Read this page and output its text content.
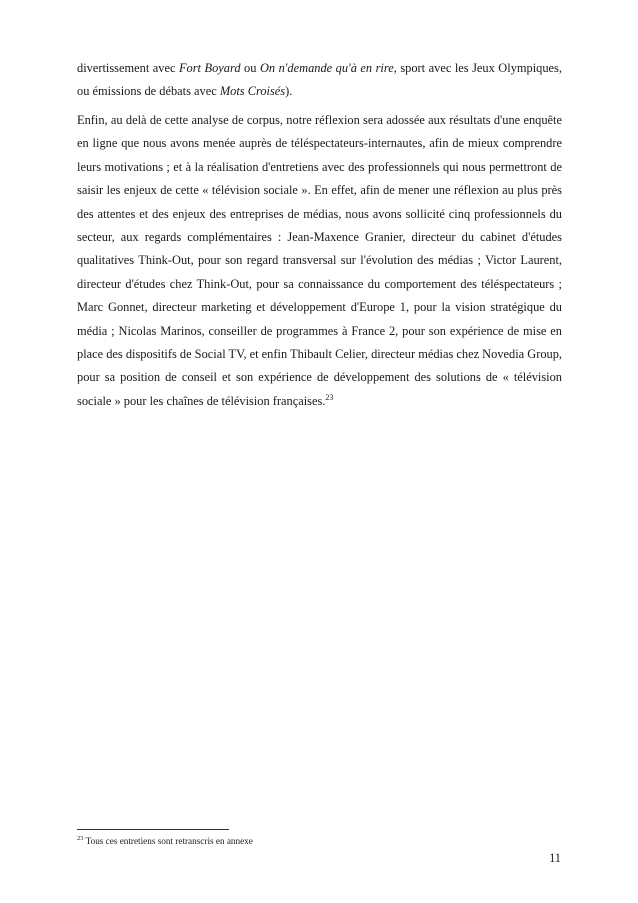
divertissement avec Fort Boyard ou On n'demande qu'à en rire, sport avec les Jeux Olympiques, ou émissions de débats avec Mots Croisés).

Enfin, au delà de cette analyse de corpus, notre réflexion sera adossée aux résultats d'une enquête en ligne que nous avons menée auprès de téléspectateurs-internautes, afin de mieux comprendre leurs motivations ; et à la réalisation d'entretiens avec des professionnels qui nous permettront de saisir les enjeux de cette « télévision sociale ». En effet, afin de mener une réflexion au plus près des attentes et des enjeux des entreprises de médias, nous avons sollicité cinq professionnels du secteur, aux regards complémentaires : Jean-Maxence Granier, directeur du cabinet d'études qualitatives Think-Out, pour son regard transversal sur l'évolution des médias ; Victor Laurent, directeur d'études chez Think-Out, pour sa connaissance du comportement des téléspectateurs ; Marc Gonnet, directeur marketing et développement d'Europe 1, pour la vision stratégique du média ; Nicolas Marinos, conseiller de programmes à France 2, pour son expérience de mise en place des dispositifs de Social TV, et enfin Thibault Celier, directeur médias chez Novedia Group, pour sa position de conseil et son expérience de développement des solutions de « télévision sociale » pour les chaînes de télévision françaises.$^{23}$

$^{23}$ Tous ces entretiens sont retranscris en annexe

11
